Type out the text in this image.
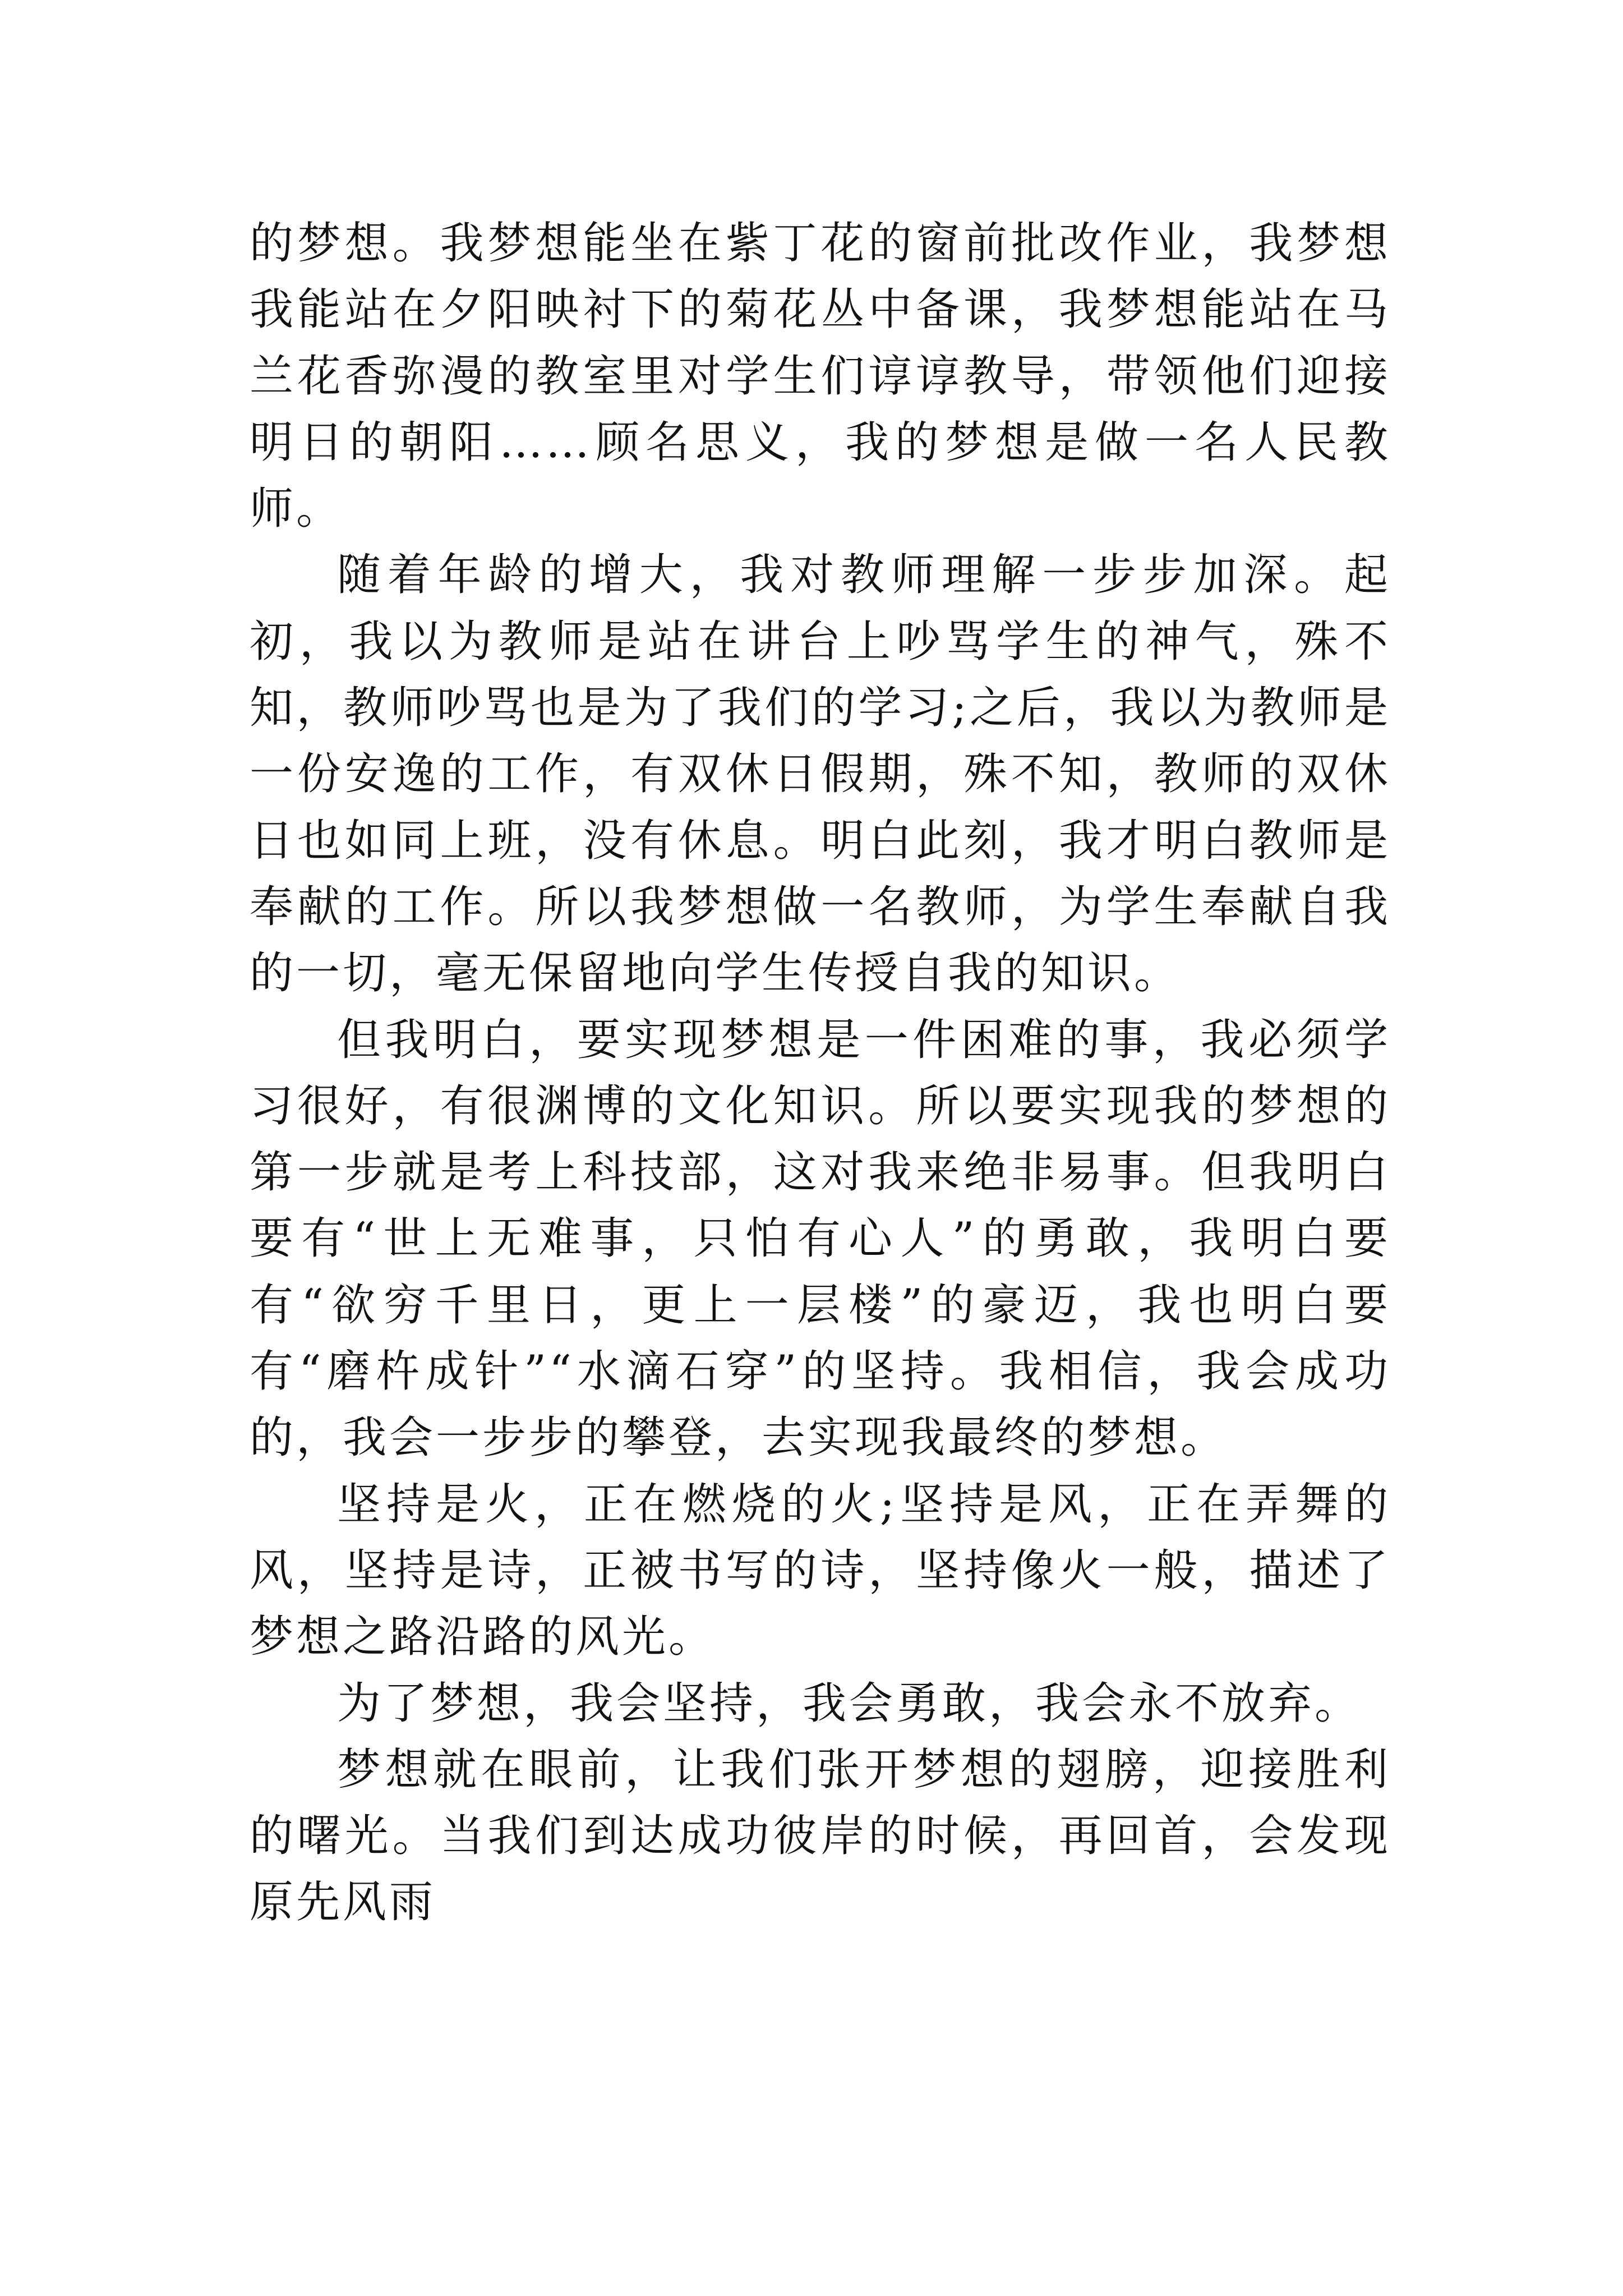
的梦想。我梦想能坐在紫丁花的窗前批改作业，我梦想我能站在夕阳映衬下的菊花丛中备课，我梦想能站在马兰花香弥漫的教室里对学生们谆谆教导，带领他们迎接明日的朝阳……顾名思义，我的梦想是做一名人民教师。

随着年龄的增大，我对教师理解一步步加深。起初，我以为教师是站在讲台上吵骂学生的神气，殊不知，教师吵骂也是为了我们的学习;之后，我以为教师是一份安逸的工作，有双休日假期，殊不知，教师的双休日也如同上班，没有休息。明白此刻，我才明白教师是奉献的工作。所以我梦想做一名教师，为学生奉献自我的一切，毫无保留地向学生传授自我的知识。

但我明白，要实现梦想是一件困难的事，我必须学习很好，有很渊博的文化知识。所以要实现我的梦想的第一步就是考上科技部，这对我来绝非易事。但我明白要有“世上无难事，只怕有心人”的勇敢，我明白要有“欲穷千里日，更上一层楼”的豪迈，我也明白要有“磨杵成针”“水滴石穿”的坚持。我相信，我会成功的，我会一步步的攀登，去实现我最终的梦想。

坚持是火，正在燃烧的火;坚持是风，正在弄舞的风，坚持是诗，正被书写的诗，坚持像火一般，描述了梦想之路沿路的风光。

为了梦想，我会坚持，我会勇敢，我会永不放弃。

梦想就在眼前，让我们张开梦想的翅膀，迎接胜利的曙光。当我们到达成功彼岸的时候，再回首，会发现原先风雨
